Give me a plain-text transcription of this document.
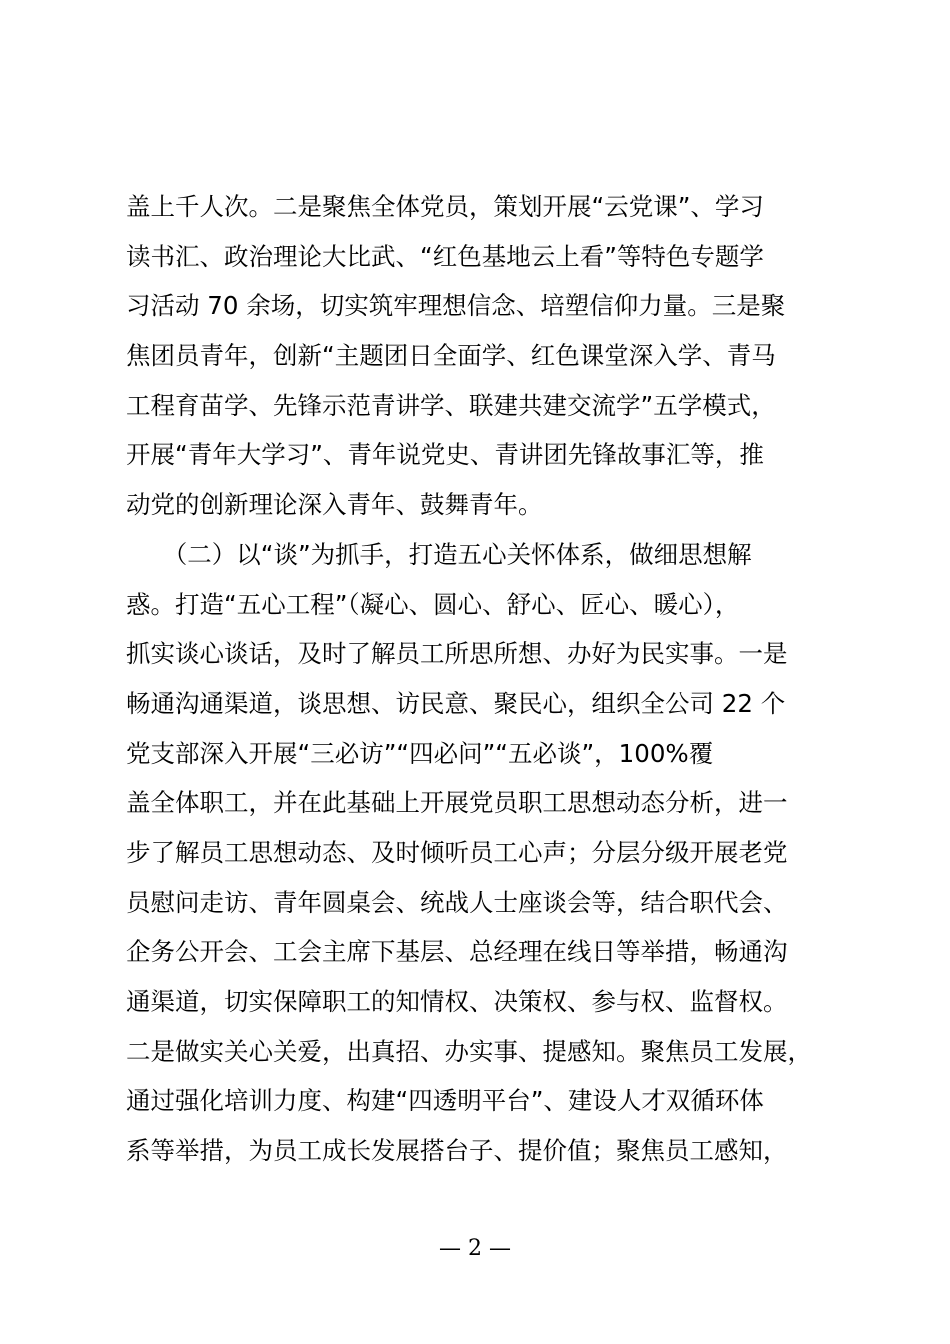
盖上千人次。二是聚焦全体党员，策划开展“云党课”、学习
读书汇、政治理论大比武、“红色基地云上看”等特色专题学
习活动 70 余场，切实筑牢理想信念、培塑信仰力量。三是聚
焦团员青年，创新“主题团日全面学、红色课堂深入学、青马
工程育苗学、先锋示范青讲学、联建共建交流学”五学模式，
开展“青年大学习”、青年说党史、青讲团先锋故事汇等，推
动党的创新理论深入青年、鼓舞青年。
　　（二）以“谈”为抓手，打造五心关怀体系，做细思想解
惑。打造“五心工程”（凝心、圆心、舒心、匠心、暖心），
抓实谈心谈话，及时了解员工所思所想、办好为民实事。一是
畅通沟通渠道，谈思想、访民意、聚民心，组织全公司 22 个
党支部深入开展“三必访”“四必问”“五必谈”，100%覆
盖全体职工，并在此基础上开展党员职工思想动态分析，进一
步了解员工思想动态、及时倾听员工心声；分层分级开展老党
员慰问走访、青年圆桌会、统战人士座谈会等，结合职代会、
企务公开会、工会主席下基层、总经理在线日等举措，畅通沟
通渠道，切实保障职工的知情权、决策权、参与权、监督权。
二是做实关心关爱，出真招、办实事、提感知。聚焦员工发展，
通过强化培训力度、构建“四透明平台”、建设人才双循环体
系等举措，为员工成长发展搭台子、提价值；聚焦员工感知，
— 2 —
